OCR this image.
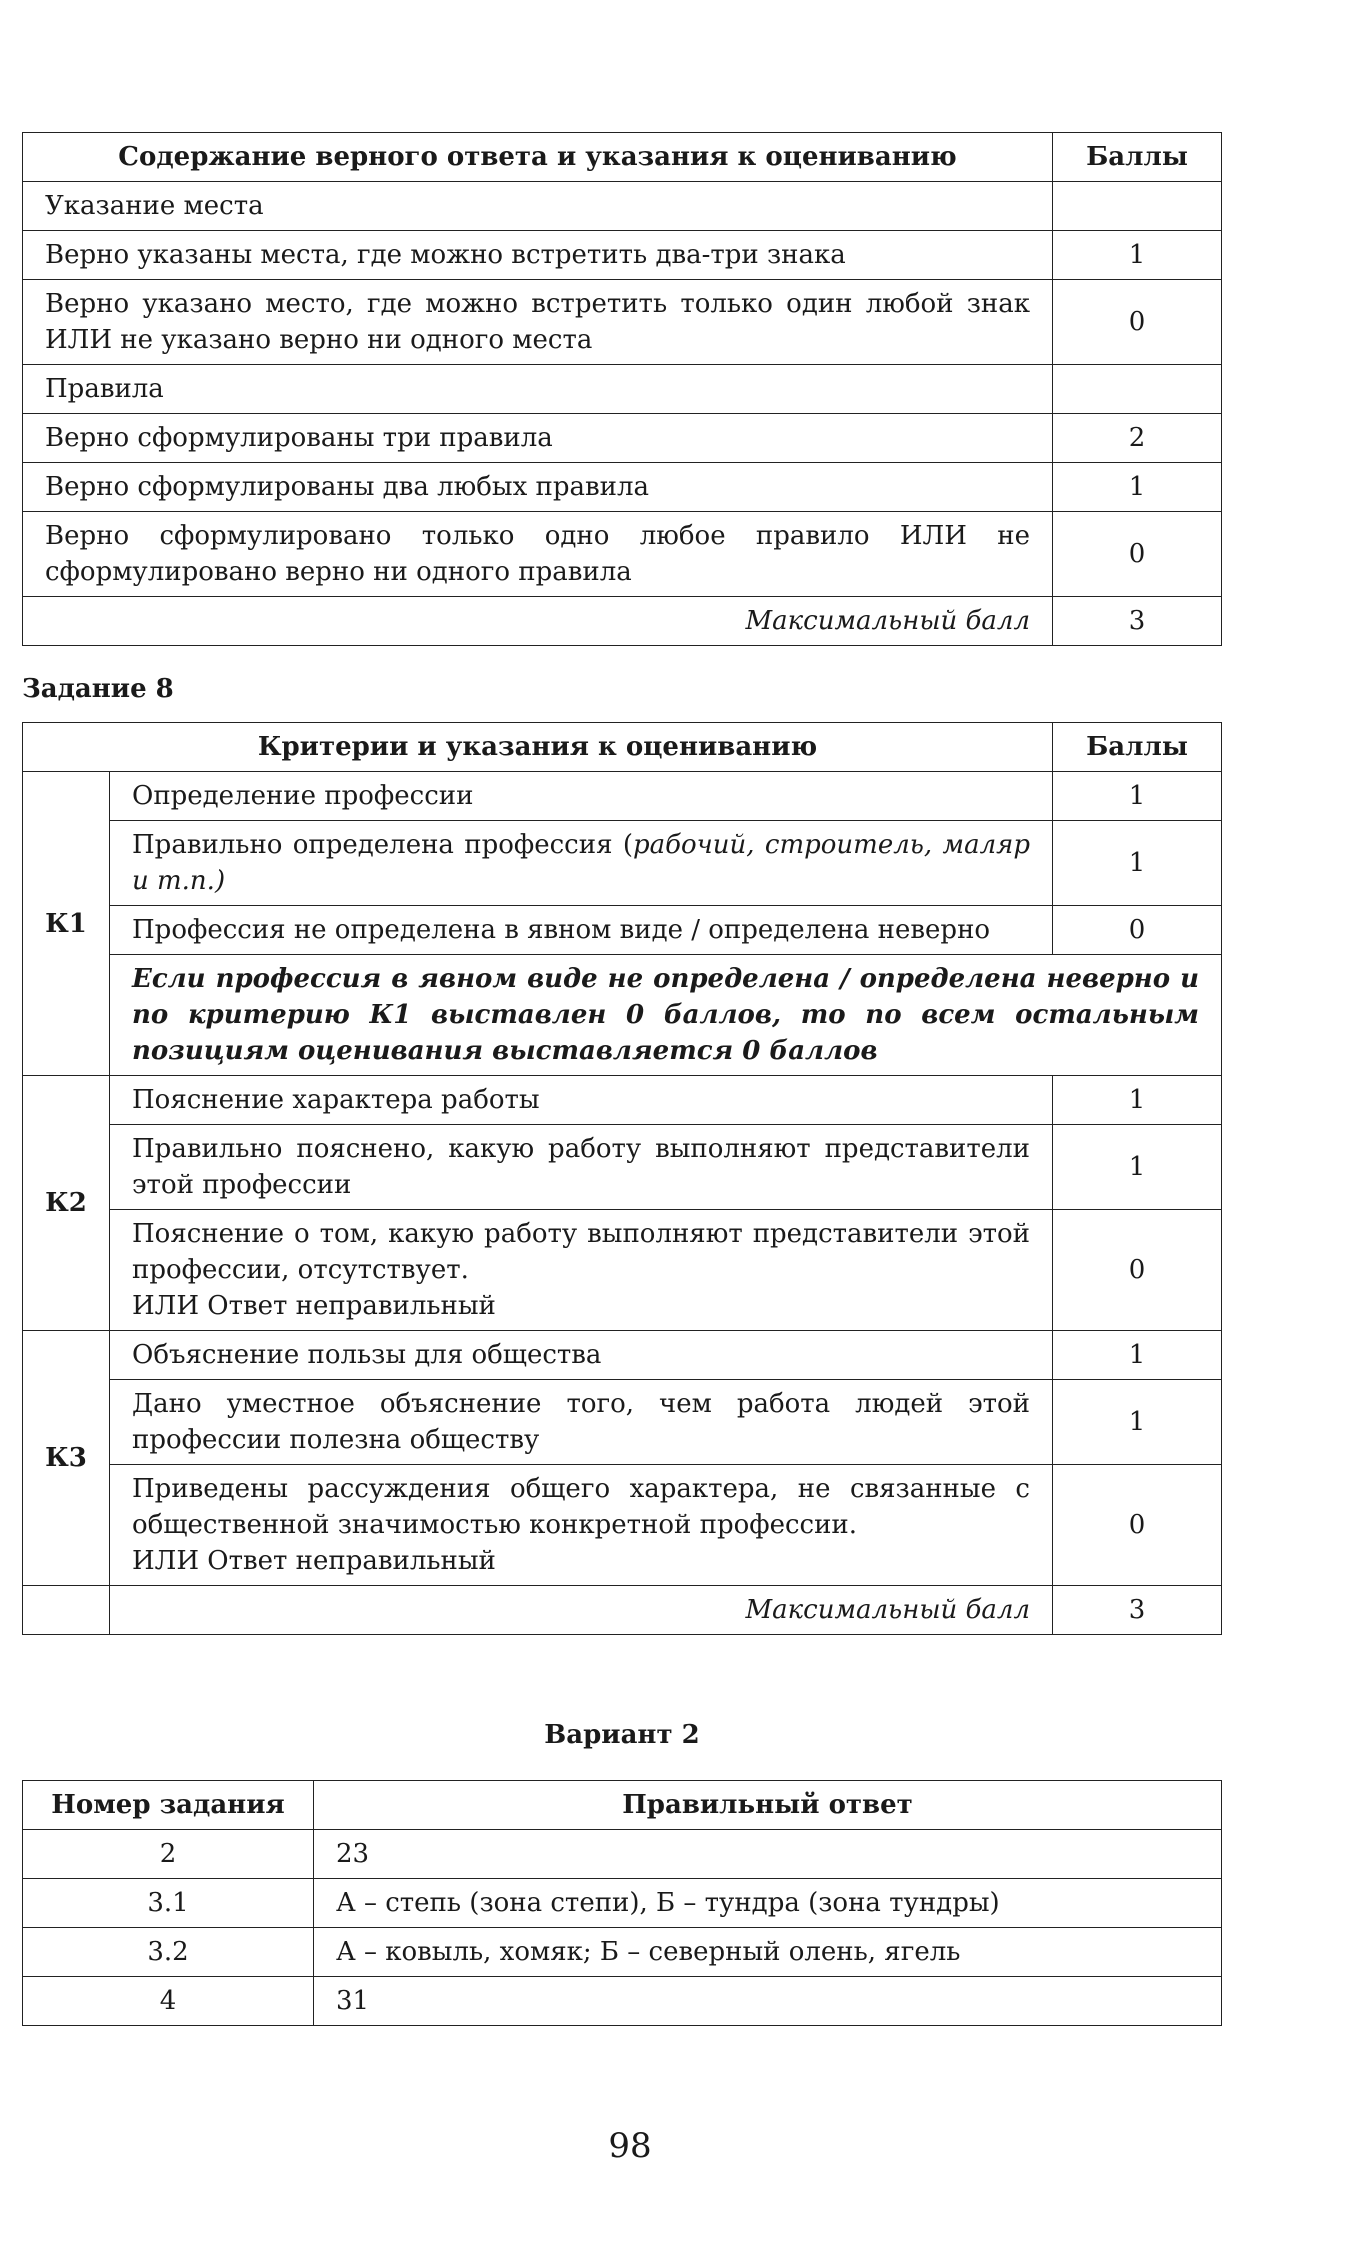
Содержание верного ответа и указания к оцениванию	Баллы
Указание места	
Верно указаны места, где можно встретить два-три знака	1
Верно указано место, где можно встретить только один любой знак ИЛИ не указано верно ни одного места	0
Правила	
Верно сформулированы три правила	2
Верно сформулированы два любых правила	1
Верно сформулировано только одно любое правило ИЛИ не сформулировано верно ни одного правила	0
Максимальный балл	3
Задание 8
Критерии и указания к оцениванию		Баллы
К1	Определение профессии	1
	Правильно определена профессия (рабочий, строитель, маляр и т.п.)	1
	Профессия не определена в явном виде / определена неверно	0
	Если профессия в явном виде не определена / определена неверно и по критерию К1 выставлен 0 баллов, то по всем остальным позициям оценивания выставляется 0 баллов	
К2	Пояснение характера работы	1
	Правильно пояснено, какую работу выполняют представители этой профессии	1

	Пояснение о том, какую работу выполняют представители этой профессии, отсутствует.
ИЛИ Ответ неправильный	0
К3	Объяснение пользы для общества	1
	Дано уместное объяснение того, чем работа людей этой профессии полезна обществу	1

	Приведены рассуждения общего характера, не связанные с общественной значимостью конкретной профессии.
ИЛИ Ответ неправильный	0
	Максимальный балл	3
Вариант 2
Номер задания	Правильный ответ
2	23
3.1	А – степь (зона степи), Б – тундра (зона тундры)
3.2	А – ковыль, хомяк; Б – северный олень, ягель
4	31
98
